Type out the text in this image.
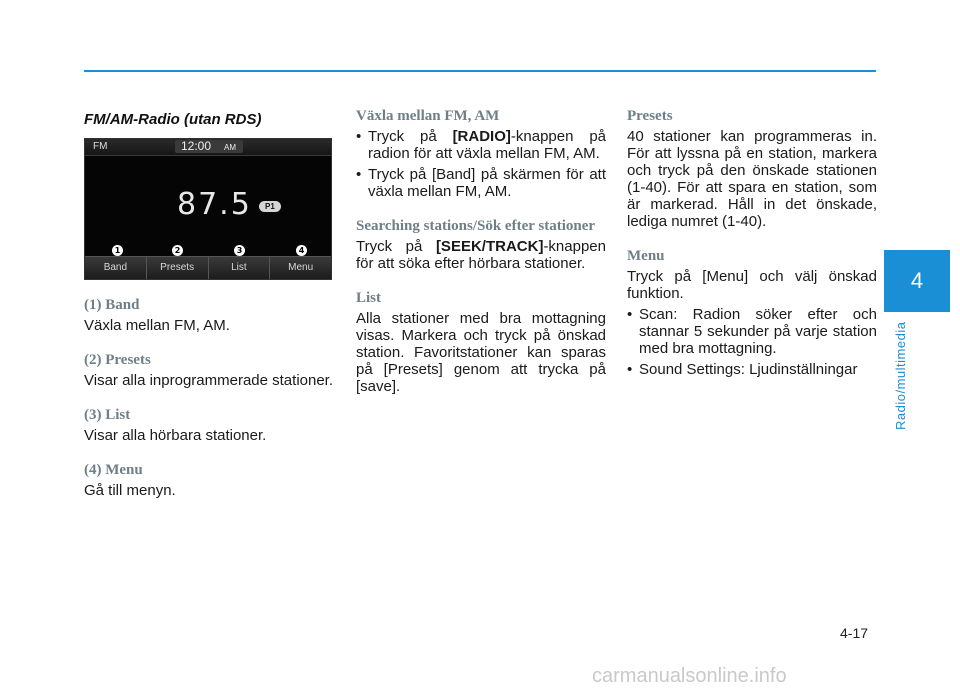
FM/AM-Radio (utan RDS)
FM	12:00 AM
87.5	P1
1	2	3	4
Band	Presets	List	Menu
(1) Band

Växla mellan FM, AM.

(2) Presets

Visar alla inprogrammerade stationer.

(3) List

Visar alla hörbara stationer.

(4) Menu

Gå till menyn.

Växla mellan FM, AM
• Tryck på [RADIO]-knappen på radion för att växla mellan FM, AM.
• Tryck på [Band] på skärmen för att växla mellan FM, AM.
Searching stations/Sök efter stationer

Tryck på [SEEK/TRACK]-knappen för att söka efter hörbara stationer.

List

Alla stationer med bra mottagning visas. Markera och tryck på önskad station. Favoritstationer kan sparas på [Presets] genom att trycka på [save].

Presets

40 stationer kan programmeras in. För att lyssna på en station, markera och tryck på den önskade stationen (1-40). För att spara en station, som är markerad. Håll in det önskade, lediga numret (1-40).

Menu

Tryck på [Menu] och välj önskad funktion.

• Scan: Radion söker efter och stannar 5 sekunder på varje station med bra mottagning.
• Sound Settings: Ljudinställningar
4
Radio/multimedia
4-17
carmanualsonline.info
